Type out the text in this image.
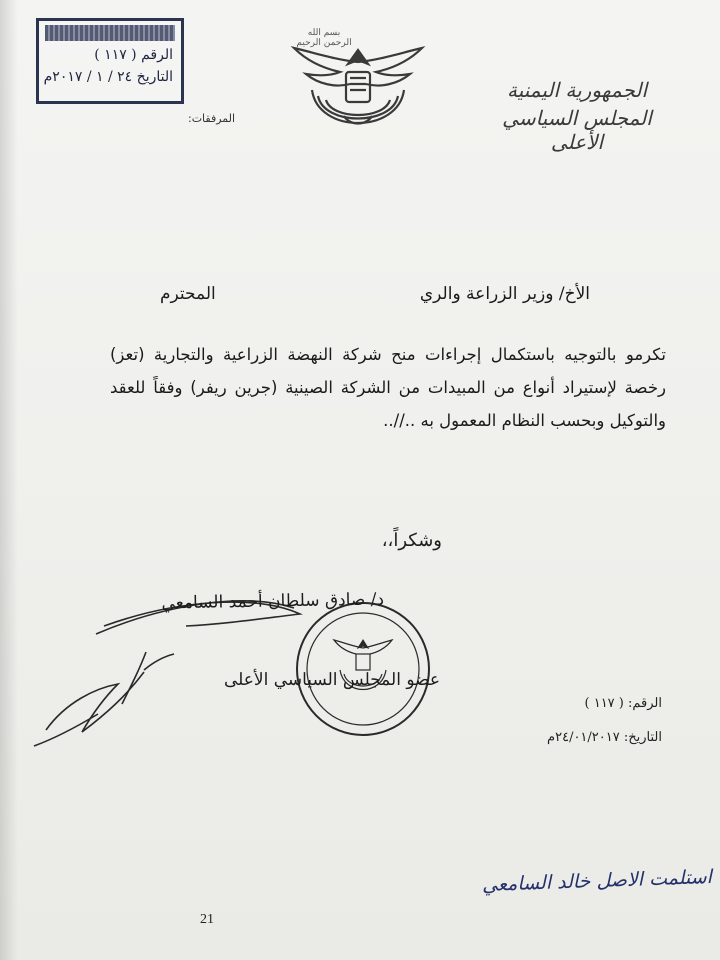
الرقم ( ١١٧ )
التاريخ ٢٤ / ١ / ٢٠١٧م
المرفقات:
بسم الله الرحمن الرحيم
الجمهورية اليمنية
المجلس السياسي الأعلى
الأخ/ وزير الزراعة والري
المحترم
تكرمو بالتوجيه باستكمال إجراءات منح شركة النهضة الزراعية والتجارية (تعز) رخصة لإستيراد أنواع من المبيدات من الشركة الصينية (جرين ريفر) وفقاً للعقد والتوكيل وبحسب النظام المعمول به ..//..
وشكراً،،
د/ صادق سلطان أحمد السامعي
عضو المجلس السياسي الأعلى
الرقم: ( ١١٧ )
التاريخ: ٢٤/٠١/٢٠١٧م
استلمت الاصل خالد السامعي
21
